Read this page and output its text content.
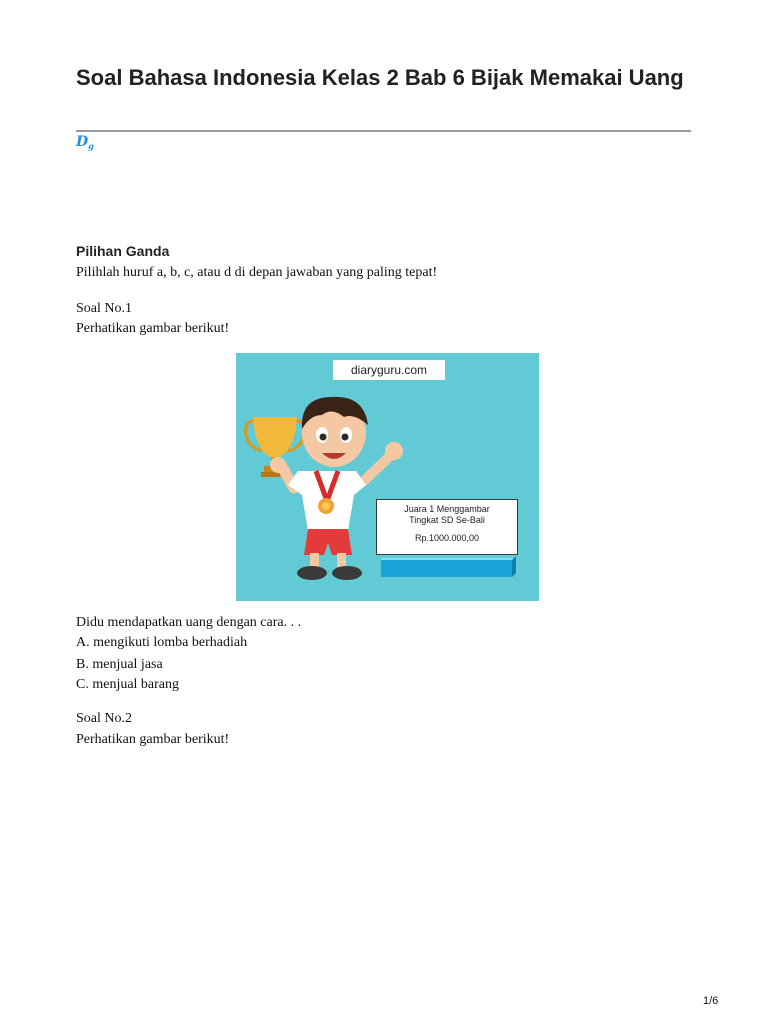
Soal Bahasa Indonesia Kelas 2 Bab 6 Bijak Memakai Uang
$D_g$
Pilihan Ganda
Pilihlah huruf a, b, c, atau d di depan jawaban yang paling tepat!
Soal No.1
Perhatikan gambar berikut!
diaryguru.com
Juara 1 Menggambar
Tingkat SD Se-Bali
Rp.1000.000,00
Didu mendapatkan uang dengan cara. . .
A. mengikuti lomba berhadiah
B. menjual jasa
C. menjual barang
Soal No.2
Perhatikan gambar berikut!
1/6
